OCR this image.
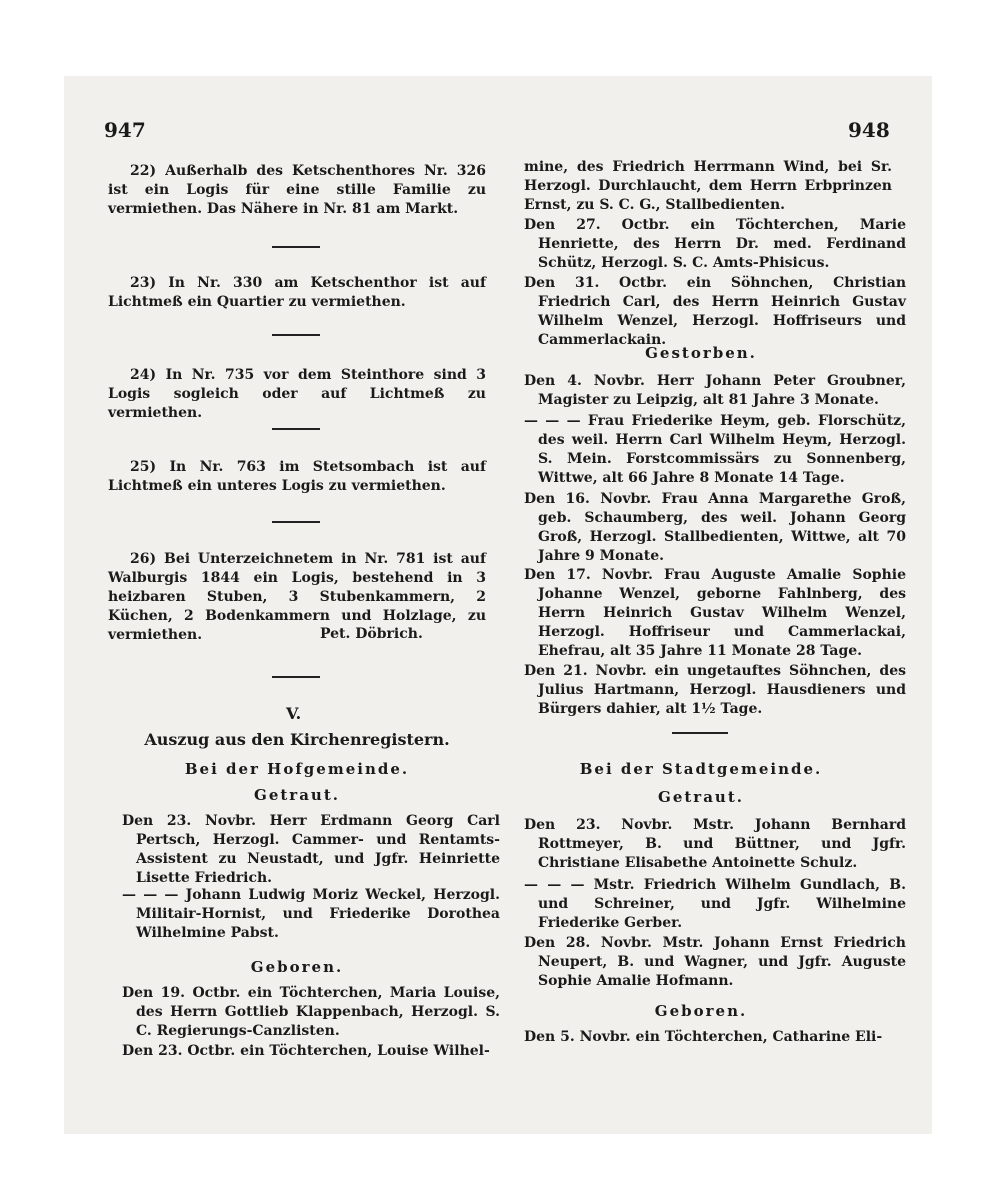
947	948
22) Außerhalb des Ketschenthores Nr. 326 ist ein Logis für eine stille Familie zu vermiethen. Das Nähere in Nr. 81 am Markt.
23) In Nr. 330 am Ketschenthor ist auf Lichtmeß ein Quartier zu vermiethen.
24) In Nr. 735 vor dem Steinthore sind 3 Logis sogleich oder auf Lichtmeß zu vermiethen.
25) In Nr. 763 im Stetsombach ist auf Lichtmeß ein unteres Logis zu vermiethen.
26) Bei Unterzeichnetem in Nr. 781 ist auf Walburgis 1844 ein Logis, bestehend in 3 heizbaren Stuben, 3 Stubenkammern, 2 Küchen, 2 Bodenkammern und Holzlage, zu vermiethen.	Pet. Döbrich.
V.
Auszug aus den Kirchenregistern.
Bei der Hofgemeinde.
Getraut.
Den 23. Novbr. Herr Erdmann Georg Carl Pertsch, Herzogl. Cammer- und Rentamts-Assistent zu Neustadt, und Jgfr. Heinriette Lisette Friedrich.
— — — Johann Ludwig Moriz Weckel, Herzogl. Militair-Hornist, und Friederike Dorothea Wilhelmine Pabst.
Geboren.
Den 19. Octbr. ein Töchterchen, Maria Louise, des Herrn Gottlieb Klappenbach, Herzogl. S. C. Regierungs-Canzlisten.
Den 23. Octbr. ein Töchterchen, Louise Wilhel-
mine, des Friedrich Herrmann Wind, bei Sr. Herzogl. Durchlaucht, dem Herrn Erbprinzen Ernst, zu S. C. G., Stallbedienten.
Den 27. Octbr. ein Töchterchen, Marie Henriette, des Herrn Dr. med. Ferdinand Schütz, Herzogl. S. C. Amts-Phisicus.
Den 31. Octbr. ein Söhnchen, Christian Friedrich Carl, des Herrn Heinrich Gustav Wilhelm Wenzel, Herzogl. Hoffriseurs und Cammerlackain.
Gestorben.
Den 4. Novbr. Herr Johann Peter Groubner, Magister zu Leipzig, alt 81 Jahre 3 Monate.
— — — Frau Friederike Heym, geb. Florschütz, des weil. Herrn Carl Wilhelm Heym, Herzogl. S. Mein. Forstcommissärs zu Sonnenberg, Wittwe, alt 66 Jahre 8 Monate 14 Tage.
Den 16. Novbr. Frau Anna Margarethe Groß, geb. Schaumberg, des weil. Johann Georg Groß, Herzogl. Stallbedienten, Wittwe, alt 70 Jahre 9 Monate.
Den 17. Novbr. Frau Auguste Amalie Sophie Johanne Wenzel, geborne Fahlnberg, des Herrn Heinrich Gustav Wilhelm Wenzel, Herzogl. Hoffriseur und Cammerlackai, Ehefrau, alt 35 Jahre 11 Monate 28 Tage.
Den 21. Novbr. ein ungetauftes Söhnchen, des Julius Hartmann, Herzogl. Hausdieners und Bürgers dahier, alt 1½ Tage.
Bei der Stadtgemeinde.
Getraut.
Den 23. Novbr. Mstr. Johann Bernhard Rottmeyer, B. und Büttner, und Jgfr. Christiane Elisabethe Antoinette Schulz.
— — — Mstr. Friedrich Wilhelm Gundlach, B. und Schreiner, und Jgfr. Wilhelmine Friederike Gerber.
Den 28. Novbr. Mstr. Johann Ernst Friedrich Neupert, B. und Wagner, und Jgfr. Auguste Sophie Amalie Hofmann.
Geboren.
Den 5. Novbr. ein Töchterchen, Catharine Eli-
